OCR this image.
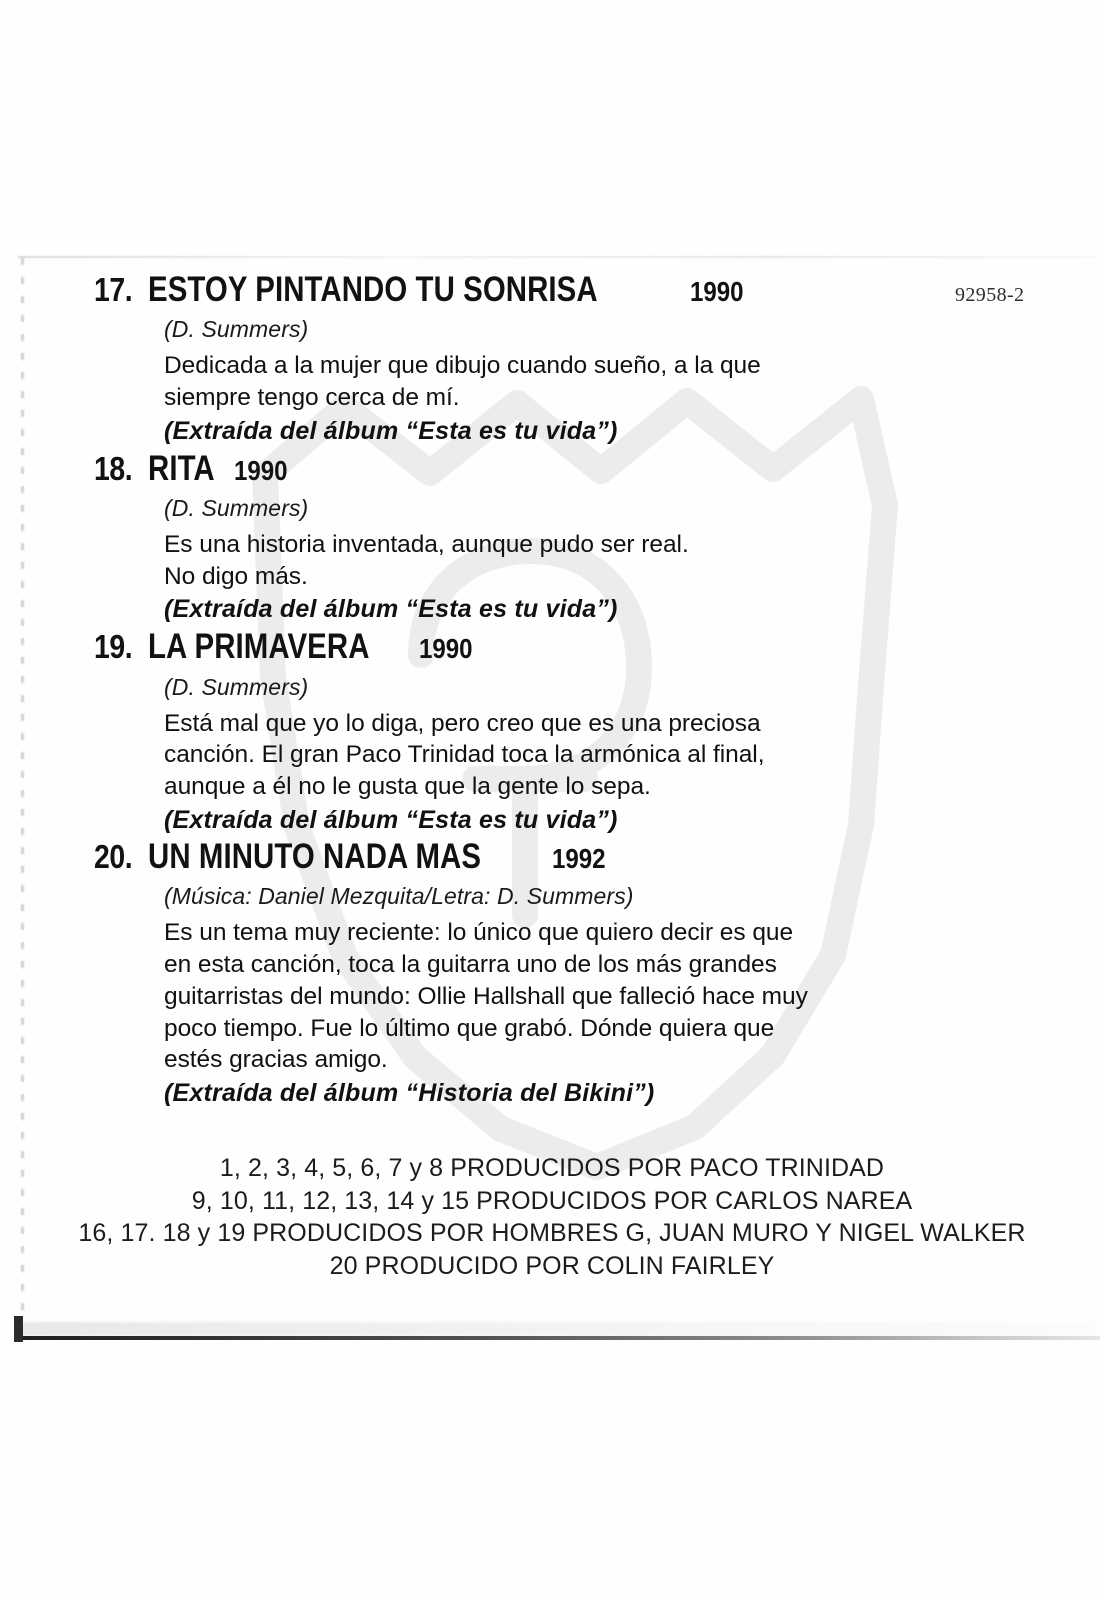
92958-2
17. ESTOY PINTANDO TU SONRISA	1990
(D. Summers)
Dedicada a la mujer que dibujo cuando sueño, a la que
siempre tengo cerca de mí.
(Extraída del álbum “Esta es tu vida”)
18. RITA 1990
(D. Summers)
Es una historia inventada, aunque pudo ser real.
No digo más.
(Extraída del álbum “Esta es tu vida”)
19. LA PRIMAVERA 1990
(D. Summers)
Está mal que yo lo diga, pero creo que es una preciosa
canción. El gran Paco Trinidad toca la armónica al final,
aunque a él no le gusta que la gente lo sepa.
(Extraída del álbum “Esta es tu vida”)
20. UN MINUTO NADA MAS	1992
(Música: Daniel Mezquita/Letra: D. Summers)
Es un tema muy reciente: lo único que quiero decir es que
en esta canción, toca la guitarra uno de los más grandes
guitarristas del mundo: Ollie Hallshall que falleció hace muy
poco tiempo. Fue lo último que grabó. Dónde quiera que
estés gracias amigo.
(Extraída del álbum “Historia del Bikini”)
1, 2, 3, 4, 5, 6, 7 y 8 PRODUCIDOS POR PACO TRINIDAD
9, 10, 11, 12, 13, 14 y 15 PRODUCIDOS POR CARLOS NAREA
16, 17. 18 y 19 PRODUCIDOS POR HOMBRES G, JUAN MURO Y NIGEL WALKER
20 PRODUCIDO POR COLIN FAIRLEY
